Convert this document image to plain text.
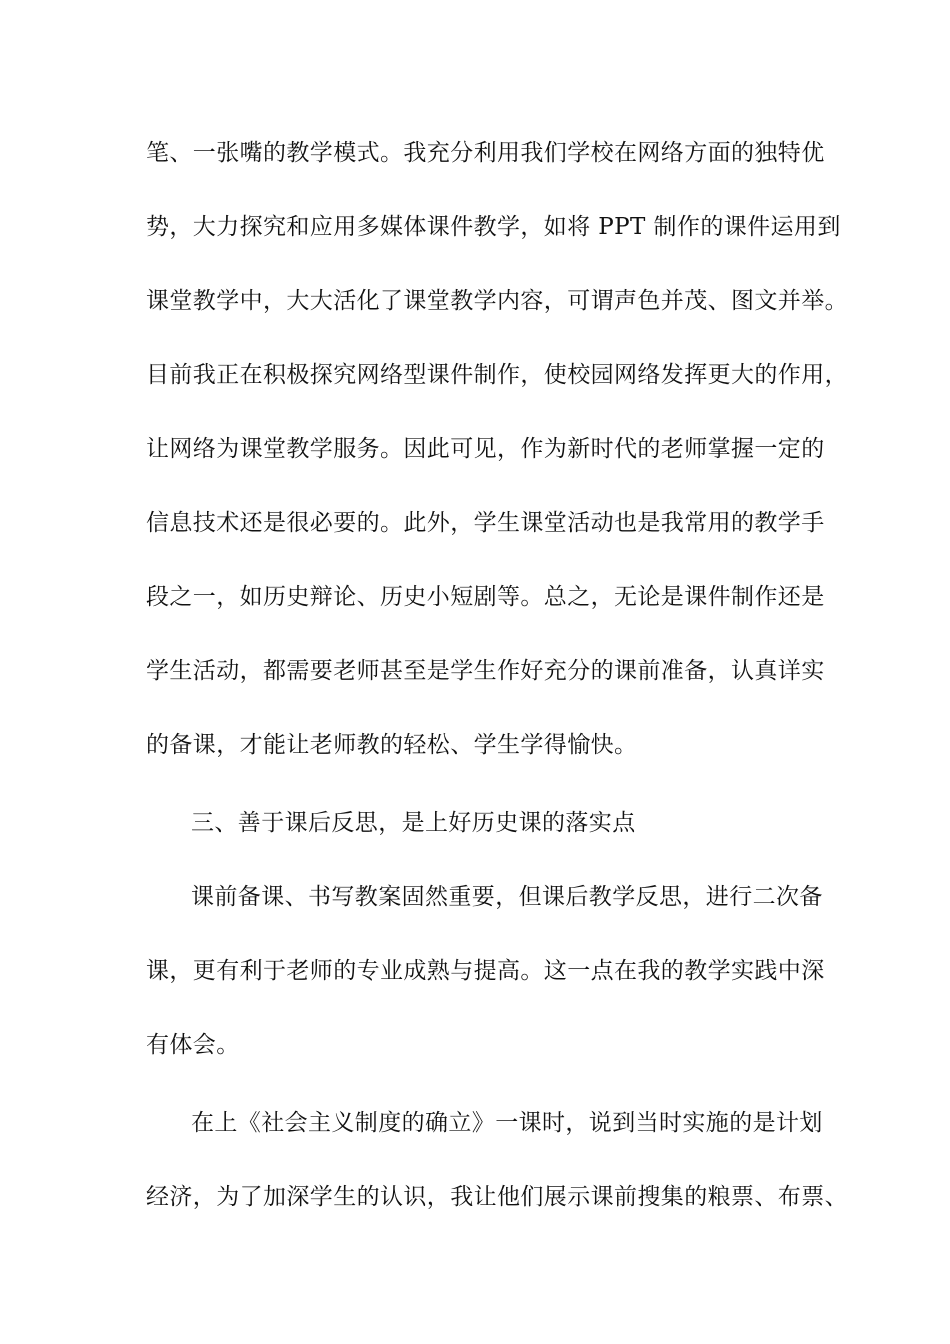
笔、一张嘴的教学模式。我充分利用我们学校在网络方面的独特优
势，大力探究和应用多媒体课件教学，如将 PPT 制作的课件运用到
课堂教学中，大大活化了课堂教学内容，可谓声色并茂、图文并举。
目前我正在积极探究网络型课件制作，使校园网络发挥更大的作用，
让网络为课堂教学服务。因此可见，作为新时代的老师掌握一定的
信息技术还是很必要的。此外，学生课堂活动也是我常用的教学手
段之一，如历史辩论、历史小短剧等。总之，无论是课件制作还是
学生活动，都需要老师甚至是学生作好充分的课前准备，认真详实
的备课，才能让老师教的轻松、学生学得愉快。
三、善于课后反思，是上好历史课的落实点
课前备课、书写教案固然重要，但课后教学反思，进行二次备
课，更有利于老师的专业成熟与提高。这一点在我的教学实践中深
有体会。
在上《社会主义制度的确立》一课时，说到当时实施的是计划
经济，为了加深学生的认识，我让他们展示课前搜集的粮票、布票、
